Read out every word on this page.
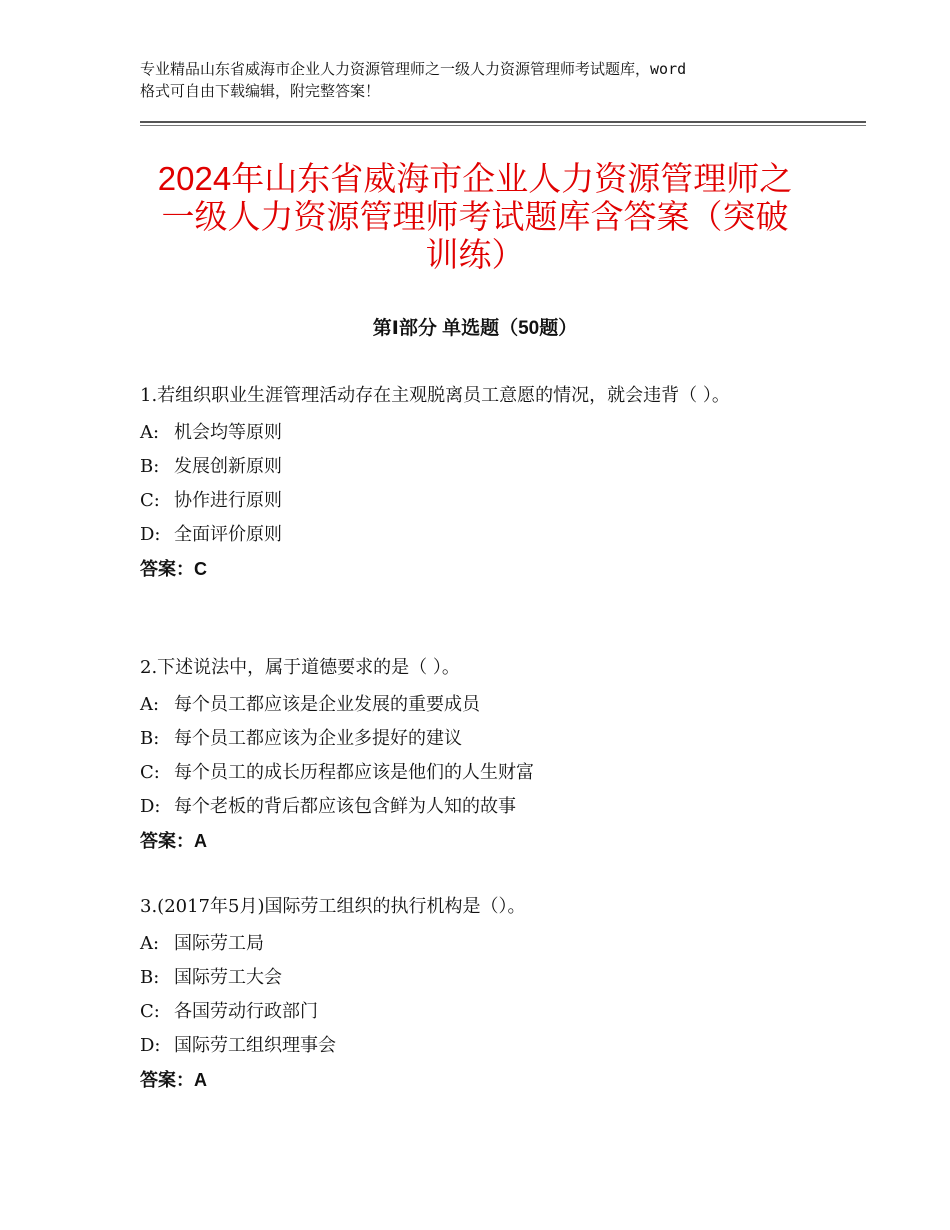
专业精品山东省威海市企业人力资源管理师之一级人力资源管理师考试题库，word
格式可自由下载编辑，附完整答案！
2024年山东省威海市企业人力资源管理师之
一级人力资源管理师考试题库含答案（突破
训练）
第Ⅰ部分 单选题（50题）
1.若组织职业生涯管理活动存在主观脱离员工意愿的情况，就会违背（ ）。
A: 机会均等原则
B: 发展创新原则
C: 协作进行原则
D: 全面评价原则
答案：C
2.下述说法中，属于道德要求的是（ ）。
A: 每个员工都应该是企业发展的重要成员
B: 每个员工都应该为企业多提好的建议
C: 每个员工的成长历程都应该是他们的人生财富
D: 每个老板的背后都应该包含鲜为人知的故事
答案：A
3.(2017年5月)国际劳工组织的执行机构是（）。
A: 国际劳工局
B: 国际劳工大会
C: 各国劳动行政部门
D: 国际劳工组织理事会
答案：A
